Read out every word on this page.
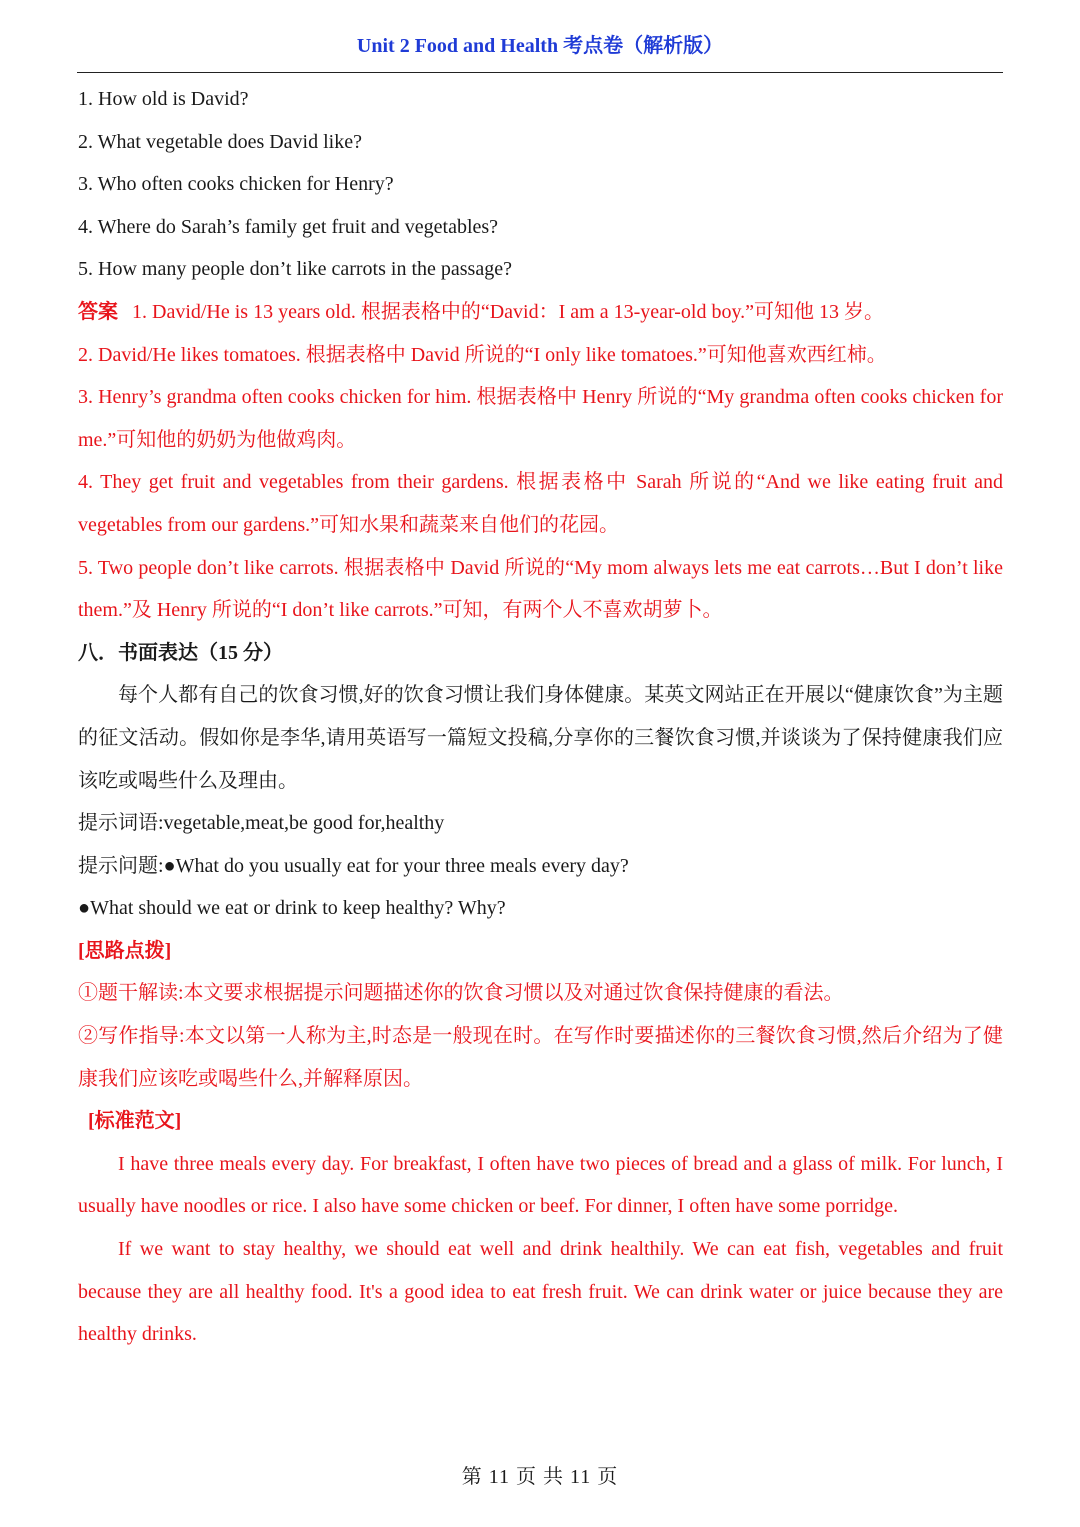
Unit 2 Food and Health 考点卷（解析版）
1. How old is David?
2. What vegetable does David like?
3. Who often cooks chicken for Henry?
4. Where do Sarah’s family get fruit and vegetables?
5. How many people don’t like carrots in the passage?
答案 1. David/He is 13 years old. 根据表格中的“David：I am a 13-year-old boy.”可知他 13 岁。
2. David/He likes tomatoes. 根据表格中 David 所说的“I only like tomatoes.”可知他喜欢西红柿。
3. Henry’s grandma often cooks chicken for him. 根据表格中 Henry 所说的“My grandma often cooks chicken for me.”可知他的奶奶为他做鸡肉。
4. They get fruit and vegetables from their gardens. 根据表格中 Sarah 所说的“And we like eating fruit and vegetables from our gardens.”可知水果和蔬菜来自他们的花园。
5. Two people don’t like carrots. 根据表格中 David 所说的“My mom always lets me eat carrots…But I don’t like them.”及 Henry 所说的“I don’t like carrots.”可知，有两个人不喜欢胡萝卜。
八．书面表达（15 分）
每个人都有自己的饮食习惯,好的饮食习惯让我们身体健康。某英文网站正在开展以“健康饮食”为主题的征文活动。假如你是李华,请用英语写一篇短文投稿,分享你的三餐饮食习惯,并谈谈为了保持健康我们应该吃或喝些什么及理由。
提示词语:vegetable,meat,be good for,healthy
提示问题:●What do you usually eat for your three meals every day?
●What should we eat or drink to keep healthy? Why?
[思路点拨]
①题干解读:本文要求根据提示问题描述你的饮食习惯以及对通过饮食保持健康的看法。
②写作指导:本文以第一人称为主,时态是一般现在时。在写作时要描述你的三餐饮食习惯,然后介绍为了健康我们应该吃或喝些什么,并解释原因。
[标准范文]
I have three meals every day. For breakfast, I often have two pieces of bread and a glass of milk. For lunch, I usually have noodles or rice. I also have some chicken or beef. For dinner, I often have some porridge.
If we want to stay healthy, we should eat well and drink healthily. We can eat fish, vegetables and fruit because they are all healthy food. It's a good idea to eat fresh fruit. We can drink water or juice because they are healthy drinks.
第 11 页 共 11 页
